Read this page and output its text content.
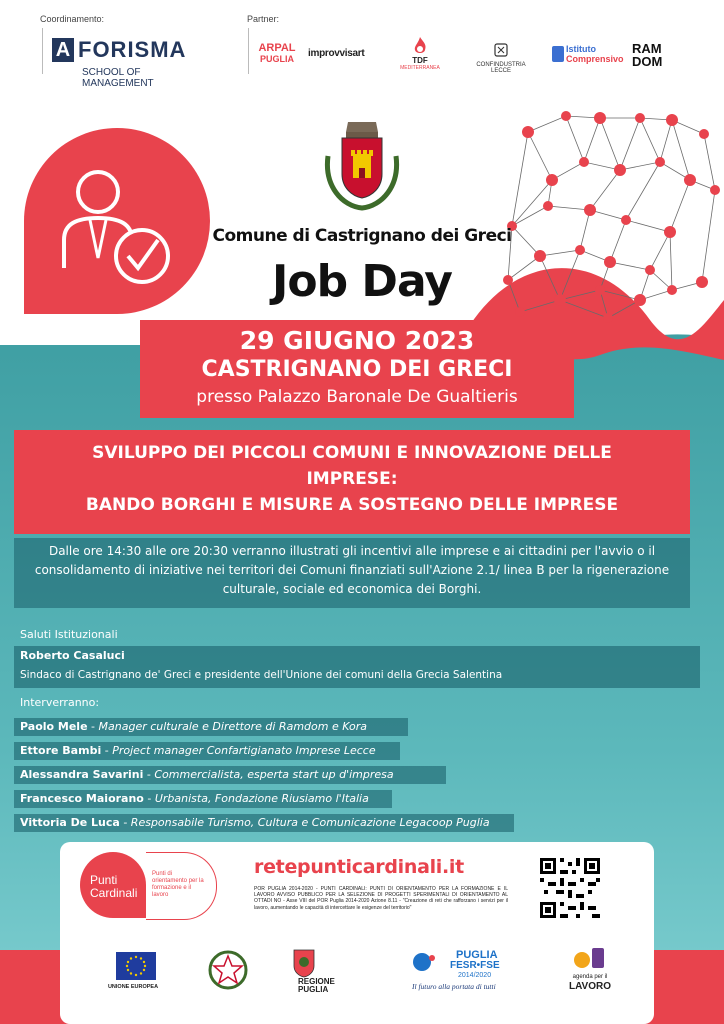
Coordinamento:
A FORISMA
SCHOOL OF MANAGEMENT
Partner:
ARPAL
PUGLIA	improvvisart
TDF
MEDITERRANEA	CONFINDUSTRIA LECCE
Istituto
Comprensivo
RAM
DOM
Comune di Castrignano dei Greci
Job Day
29 GIUGNO 2023
CASTRIGNANO DEI GRECI
presso Palazzo Baronale De Gualtieris
SVILUPPO DEI PICCOLI COMUNI E INNOVAZIONE DELLE
IMPRESE:
BANDO BORGHI E MISURE A SOSTEGNO DELLE IMPRESE
Dalle ore 14:30 alle ore 20:30 verranno illustrati gli incentivi alle imprese e ai cittadini per l'avvio o il
consolidamento di iniziative nei territori dei Comuni finanziati sull'Azione 2.1/ linea B per la rigenerazione
culturale, sociale ed economica dei Borghi.
Saluti Istituzionali
Roberto Casaluci
Sindaco di Castrignano de' Greci e presidente dell'Unione dei comuni della Grecia Salentina
Interverranno:
Paolo Mele - Manager culturale e Direttore di Ramdom e Kora
Ettore Bambi - Project manager Confartigianato Imprese Lecce
Alessandra Savarini - Commercialista, esperta start up d'impresa
Francesco Maiorano - Urbanista, Fondazione Riusiamo l'Italia
Vittoria De Luca - Responsabile Turismo, Cultura e Comunicazione Legacoop Puglia
Punti
Cardinali
Punti di orientamento per la formazione e il lavoro
retepunticardinali.it
POR PUGLIA 2014-2020 - PUNTI CARDINALI: PUNTI DI ORIENTAMENTO PER LA FORMAZIONE E IL LAVORO AVVISO PUBBLICO PER LA SELEZIONE DI PROGETTI SPERIMENTALI DI ORIENTAMENTO AL OTTADI NO - Asse VIII del POR Puglia 2014-2020 Azione 8.11 - "Creazione di reti che rafforzano i servizi per il lavoro, aumentando le capacità di intercettare le esigenze del territorio"
UNIONE EUROPEA
REGIONE
PUGLIA
PUGLIA
FESR•FSE
2014/2020
Il futuro alla portata di tutti
agenda per il
LAVORO
